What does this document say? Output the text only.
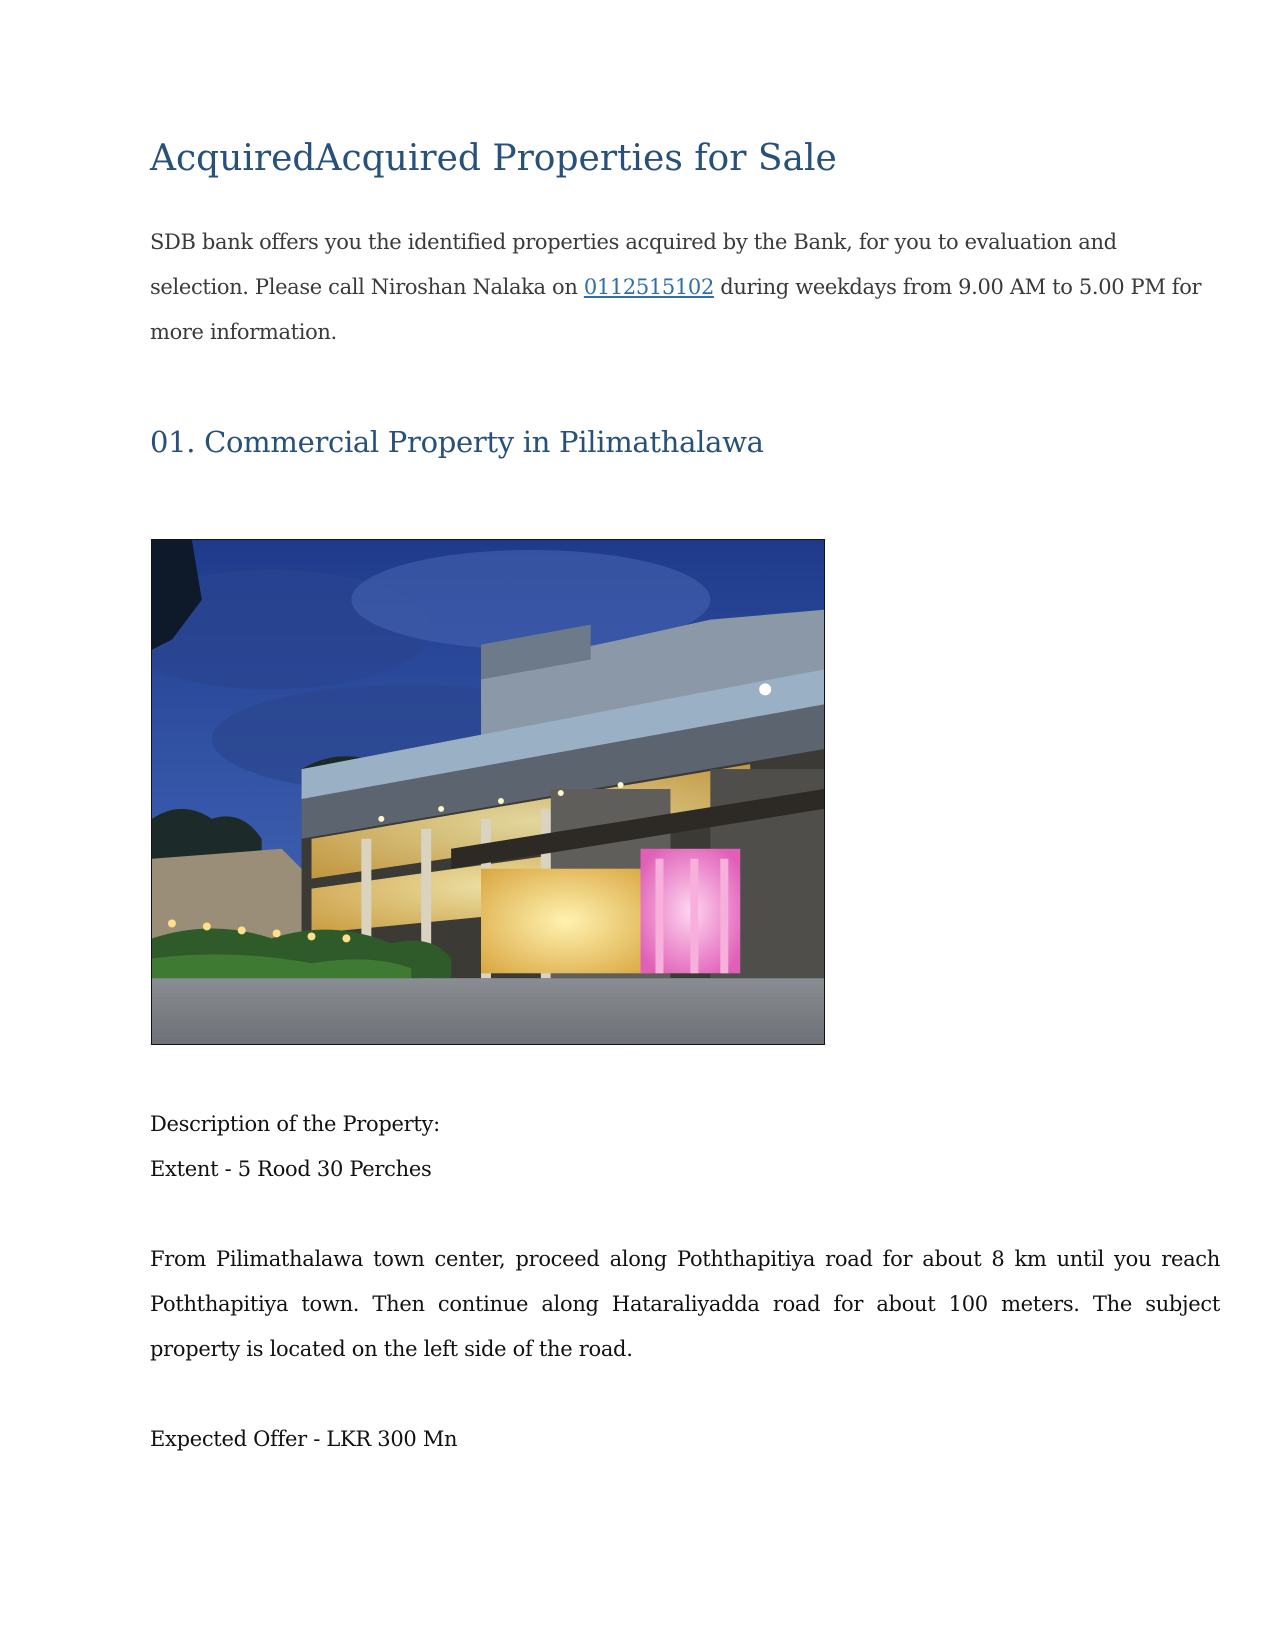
AcquiredAcquired Properties for Sale

SDB bank offers you the identified properties acquired by the Bank, for you to evaluation and selection. Please call Niroshan Nalaka on 0112515102 during weekdays from 9.00 AM to 5.00 PM for more information.

01. Commercial Property in Pilimathalawa

Description of the Property:

Extent - 5 Rood 30 Perches

From Pilimathalawa town center, proceed along Poththapitiya road for about 8 km until you reach Poththapitiya town. Then continue along Hataraliyadda road for about 100 meters. The subject property is located on the left side of the road.

Expected Offer - LKR 300 Mn
